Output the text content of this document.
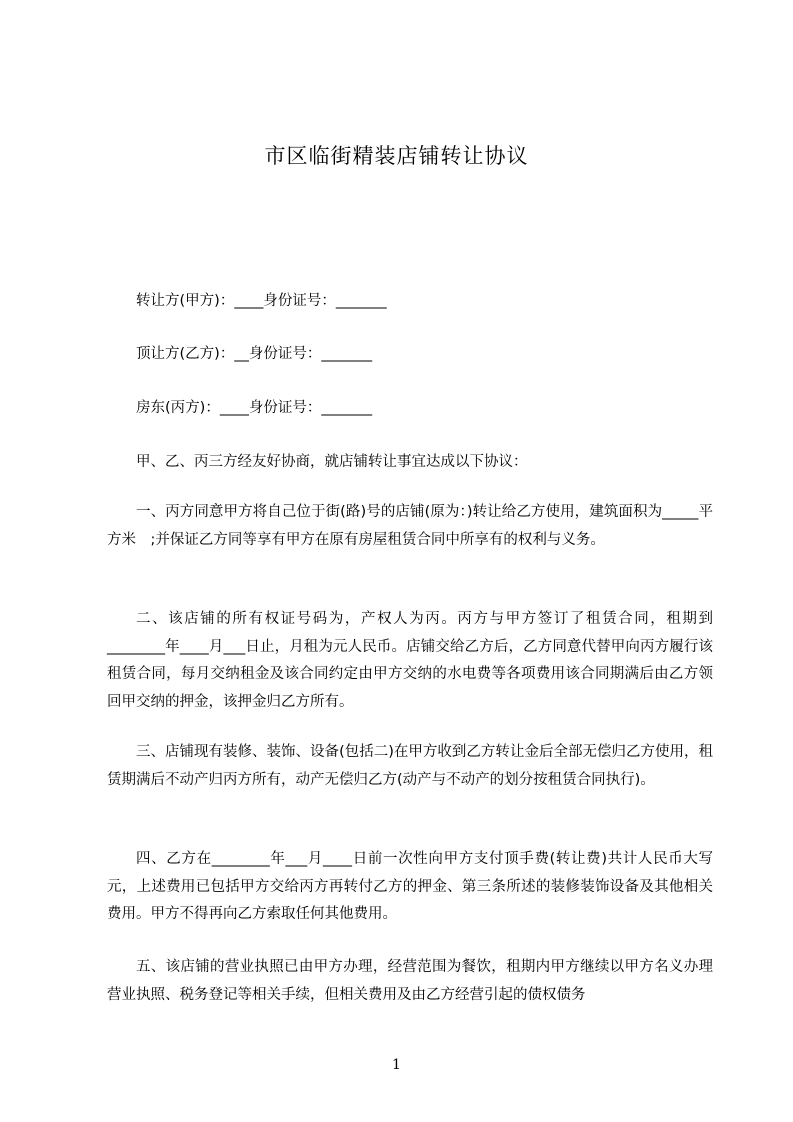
市区临街精装店铺转让协议
转让方(甲方)：____身份证号：_______
顶让方(乙方)：__身份证号：_______
房东(丙方)：____身份证号：_______
甲、乙、丙三方经友好协商，就店铺转让事宜达成以下协议：
一、丙方同意甲方将自己位于街(路)号的店铺(原为：)转让给乙方使用，建筑面积为_____平方米　;并保证乙方同等享有甲方在原有房屋租赁合同中所享有的权利与义务。
二、该店铺的所有权证号码为，产权人为丙。丙方与甲方签订了租赁合同，租期到________年____月___日止，月租为元人民币。店铺交给乙方后，乙方同意代替甲向丙方履行该租赁合同，每月交纳租金及该合同约定由甲方交纳的水电费等各项费用该合同期满后由乙方领回甲交纳的押金，该押金归乙方所有。
三、店铺现有装修、装饰、设备(包括二)在甲方收到乙方转让金后全部无偿归乙方使用，租赁期满后不动产归丙方所有，动产无偿归乙方(动产与不动产的划分按租赁合同执行)。
四、乙方在________年___月____日前一次性向甲方支付顶手费(转让费)共计人民币大写元，上述费用已包括甲方交给丙方再转付乙方的押金、第三条所述的装修装饰设备及其他相关费用。甲方不得再向乙方索取任何其他费用。
五、该店铺的营业执照已由甲方办理，经营范围为餐饮，租期内甲方继续以甲方名义办理营业执照、税务登记等相关手续，但相关费用及由乙方经营引起的债权债务
1
